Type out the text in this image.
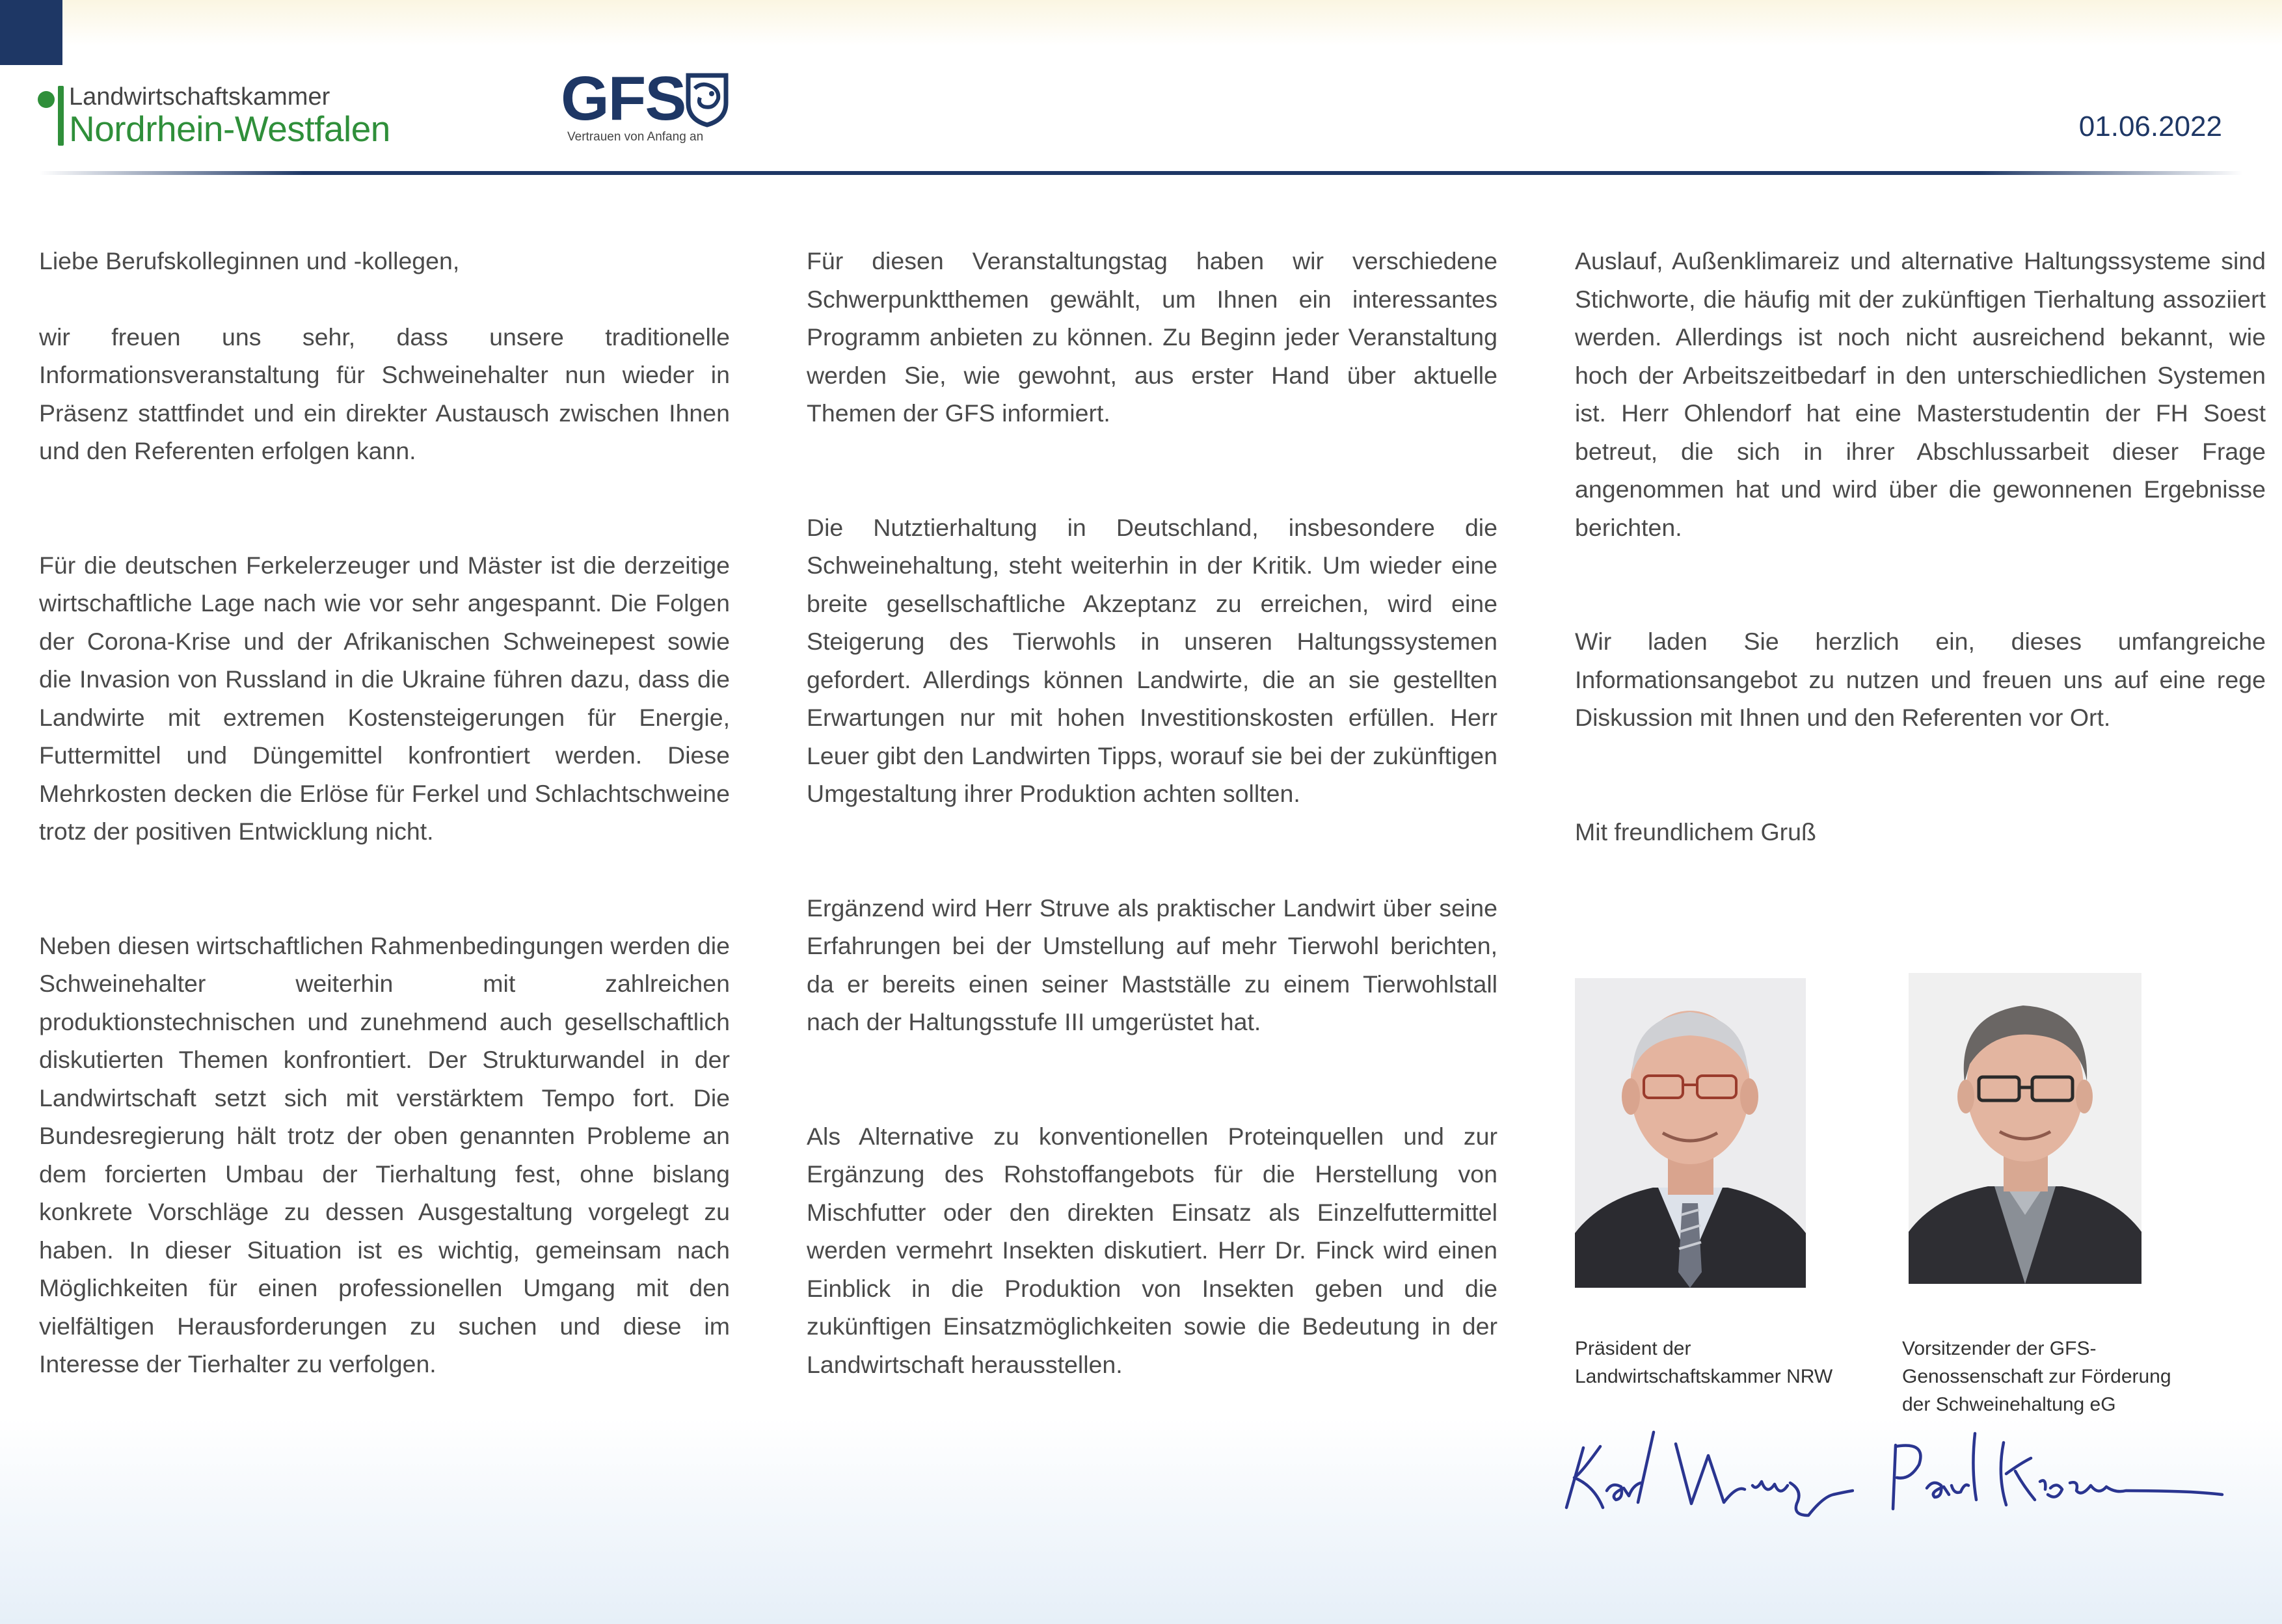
Landwirtschaftskammer
Nordrhein-Westfalen	GFS
Vertrauen von Anfang an	01.06.2022

Liebe Berufskolleginnen und -kollegen,

wir freuen uns sehr, dass unsere traditionelle Informationsveranstaltung für Schweinehalter nun wieder in Präsenz stattfindet und ein direkter Austausch zwischen Ihnen und den Referenten erfolgen kann.

Für die deutschen Ferkelerzeuger und Mäster ist die derzeitige wirtschaftliche Lage nach wie vor sehr angespannt. Die Folgen der Corona-Krise und der Afrikanischen Schweinepest sowie die Invasion von Russland in die Ukraine führen dazu, dass die Landwirte mit extremen Kostensteigerungen für Energie, Futtermittel und Düngemittel konfrontiert werden. Diese Mehrkosten decken die Erlöse für Ferkel und Schlachtschweine trotz der positiven Entwicklung nicht.

Neben diesen wirtschaftlichen Rahmenbedingungen werden die Schweinehalter weiterhin mit zahlreichen produktionstechnischen und zunehmend auch gesellschaftlich diskutierten Themen konfrontiert. Der Strukturwandel in der Landwirtschaft setzt sich mit verstärktem Tempo fort. Die Bundesregierung hält trotz der oben genannten Probleme an dem forcierten Umbau der Tierhaltung fest, ohne bislang konkrete Vorschläge zu dessen Ausgestaltung vorgelegt zu haben. In dieser Situation ist es wichtig, gemeinsam nach Möglichkeiten für einen professionellen Umgang mit den vielfältigen Herausforderungen zu suchen und diese im Interesse der Tierhalter zu verfolgen.

Für diesen Veranstaltungstag haben wir verschiedene Schwerpunktthemen gewählt, um Ihnen ein interessantes Programm anbieten zu können. Zu Beginn jeder Veranstaltung werden Sie, wie gewohnt, aus erster Hand über aktuelle Themen der GFS informiert.

Die Nutztierhaltung in Deutschland, insbesondere die Schweinehaltung, steht weiterhin in der Kritik. Um wieder eine breite gesellschaftliche Akzeptanz zu erreichen, wird eine Steigerung des Tierwohls in unseren Haltungssystemen gefordert. Allerdings können Landwirte, die an sie gestellten Erwartungen nur mit hohen Investitionskosten erfüllen. Herr Leuer gibt den Landwirten Tipps, worauf sie bei der zukünftigen Umgestaltung ihrer Produktion achten sollten.

Ergänzend wird Herr Struve als praktischer Landwirt über seine Erfahrungen bei der Umstellung auf mehr Tierwohl berichten, da er bereits einen seiner Mastställe zu einem Tierwohlstall nach der Haltungsstufe III umgerüstet hat.

Als Alternative zu konventionellen Proteinquellen und zur Ergänzung des Rohstoffangebots für die Herstellung von Mischfutter oder den direkten Einsatz als Einzelfuttermittel werden vermehrt Insekten diskutiert. Herr Dr. Finck wird einen Einblick in die Produktion von Insekten geben und die zukünftigen Einsatzmöglichkeiten sowie die Bedeutung in der Landwirtschaft herausstellen.

Auslauf, Außenklimareiz und alternative Haltungssysteme sind Stichworte, die häufig mit der zukünftigen Tierhaltung assoziiert werden. Allerdings ist noch nicht ausreichend bekannt, wie hoch der Arbeitszeitbedarf in den unterschiedlichen Systemen ist. Herr Ohlendorf hat eine Masterstudentin der FH Soest betreut, die sich in ihrer Abschlussarbeit dieser Frage angenommen hat und wird über die gewonnenen Ergebnisse berichten.

Wir laden Sie herzlich ein, dieses umfangreiche Informationsangebot zu nutzen und freuen uns auf eine rege Diskussion mit Ihnen und den Referenten vor Ort.

Mit freundlichem Gruß

Präsident der Landwirtschaftskammer NRW
Vorsitzender der GFS-Genossenschaft zur Förderung der Schweinehaltung eG
